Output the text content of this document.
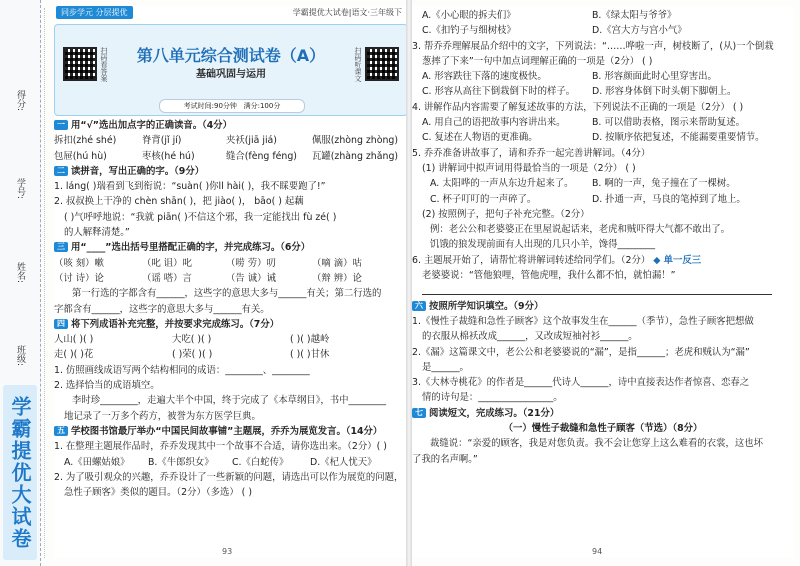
得分:
学号:
姓名:
班级:
学霸提优大试卷
同步学元 分层提优	学霸提优大试卷|语文·三年级下
扫码看答案	扫码听课文
第八单元综合测试卷（A）
基础巩固与运用
考试时间:90分钟 满分:100分
一 用“√”选出加点字的正确读音。（4分）
拆扣(zhé shé)	脊背(jǐ jí)	夹袄(jiā jiá)	佩服(zhòng zhòng)
包屉(hú hù)	枣核(hé hú)	缝合(fèng féng) 瓦罐(zhàng zhǎng)
二 读拼音，写出正确的字。（9分）
1. láng( )瑞看到飞到衔说：“suàn( )你ll hài( )，我不睬要跑了!”
2. 叔叔换上干净的 chèn shān( )，把 jiào( )， bāo( ) 起藕
( )气呼呼地说：“我就 piān( )不信这个邪，我一定能找出 fù zé( )
的人解释清楚。”
三 用“____”选出括号里搭配正确的字，并完成练习。（6分）
（咳 刻）嗽	（叱 诅）叱	（唠 劳）叨	（嘀 滴）咕
（讨 诗）论	（谣 嗒）言	（告 诚）诫	（辩 辨）论
第一行选的字都含有______，这些字的意思大多与______有关；第二行选的
字都含有______，这些字的意思大多与______有关。
四 将下列成语补充完整，并按要求完成练习。（7分）
人山( )( )	大吃( )( )	( )( )越岭
走( )( )花	( )荣( )( )	( )( )甘休
1. 仿照画线成语写两个结构相同的成语：________、________
2. 选择恰当的成语填空。
李时珍________，走遍大半个中国，终于完成了《本草纲目》，书中________
地记录了一万多个药方，被誉为东方医学巨典。
五 学校图书馆最厅举办“中国民间故事铺”主题展，乔乔为展览发言。（14分）
1. 在整理主题展作品时，乔乔发现其中一个故事不合适，请你选出来。（2分）( )
A.《田螺姑娘》 B.《牛郎织女》 C.《白蛇传》 D.《杞人忧天》
2. 为了吸引观众的兴趣，乔乔设计了一些新颖的问题，请选出可以作为展览的问题，
急性子顾客》类似的题目。（2分）（多选） ( )
93
A.《小心眼的拆夫们》	B.《绿太阳与爷爷》
C.《扣钓子与细树枝》	D.《宫大方与宫小气》
3. 帮乔乔理解展品介绍中的文字，下列说法：“……哗啦一声，树枝断了，(从)一个倒栽
葱摔了下来”一句中加点词理解正确的一项是（2分） ( )
A. 形容跌往下落的速度极快。	B. 形容颜面此时心里穿害出。
C. 形容从高往下倒栽倒下时的样子。 D. 形容身体倒下时头朝下脚朝上。
4. 讲解作品内容需要了解复述故事的方法，下列说法不正确的一项是（2分） ( )
A. 用自己的语把故事内容讲出来。	B. 可以借助表格，图示来帮助复述。
C. 复述在人物语的更准确。	D. 按顺序依把复述，不能漏要重要情节。
5. 乔乔准备讲故事了，请和乔乔一起完善讲解词。（4分）
(1) 讲解词中拟声词用得最恰当的一项是（2分） ( )
A. 太阳哗的一声从东边升起来了。 B. 啊的一声，兔子撞在了一棵树。
C. 杯子叮叮的一声碎了。	D. 扑通一声，马良的笔掉到了地上。
(2) 按照例子，把句子补充完整。（2分）
例：老公公和老婆婆正在里屋说起话来，老虎和贼吓得大气都不敢出了。
饥饿的狼发现前面有人出现的几只小羊，馋得________
6. 主题展开始了，请帮忙将讲解词转述给同学们。（2分） ◆ 单一反三
老婆婆说：“管他狼哩，管他虎哩，我什么都不怕，就怕漏！”
六 按照所学知识填空。（9分）
1.《慢性子裁缝和急性子顾客》这个故事发生在______（季节），急性子顾客把想做
的衣服从棉袄改成______，又改成短袖衬衫______。
2.《漏》这篇课文中，老公公和老婆婆说的“漏”，是指______；老虎和贼认为“漏”
是______。
3.《大林寺桃花》的作者是______代诗人______，诗中直接表达作者惊喜、恋春之
情的诗句是：________________。
七 阅读短文，完成练习。（21分）
（一）慢性子裁缝和急性子顾客（节选）（8分）
裁缝说：“亲爱的顾客，我是对您负责。我不会让您穿上这么难看的衣裳，这也坏
了我的名声啊。”
94
